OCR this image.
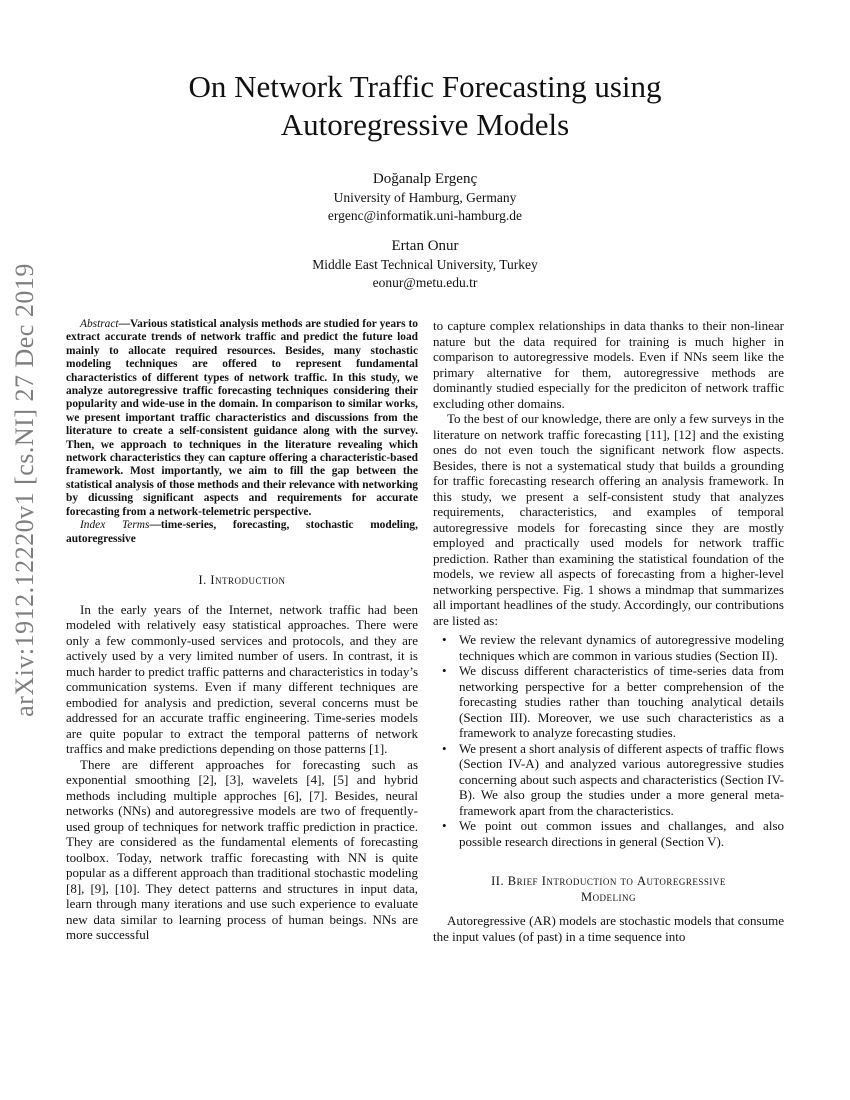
arXiv:1912.12220v1 [cs.NI] 27 Dec 2019
On Network Traffic Forecasting using Autoregressive Models
Doğanalp Ergenç
University of Hamburg, Germany
ergenc@informatik.uni-hamburg.de
Ertan Onur
Middle East Technical University, Turkey
eonur@metu.edu.tr

Abstract—Various statistical analysis methods are studied for years to extract accurate trends of network traffic and predict the future load mainly to allocate required resources. Besides, many stochastic modeling techniques are offered to represent fundamental characteristics of different types of network traffic. In this study, we analyze autoregressive traffic forecasting techniques considering their popularity and wide-use in the domain. In comparison to similar works, we present important traffic characteristics and discussions from the literature to create a self-consistent guidance along with the survey. Then, we approach to techniques in the literature revealing which network characteristics they can capture offering a characteristic-based framework. Most importantly, we aim to fill the gap between the statistical analysis of those methods and their relevance with networking by dicussing significant aspects and requirements for accurate forecasting from a network-telemetric perspective.

Index Terms—time-series, forecasting, stochastic modeling, autoregressive

I. Introduction

In the early years of the Internet, network traffic had been modeled with relatively easy statistical approaches. There were only a few commonly-used services and protocols, and they are actively used by a very limited number of users. In contrast, it is much harder to predict traffic patterns and characteristics in today’s communication systems. Even if many different techniques are embodied for analysis and prediction, several concerns must be addressed for an accurate traffic engineering. Time-series models are quite popular to extract the temporal patterns of network traffics and make predictions depending on those patterns [1].

There are different approaches for forecasting such as exponential smoothing [2], [3], wavelets [4], [5] and hybrid methods including multiple approches [6], [7]. Besides, neural networks (NNs) and autoregressive models are two of frequently-used group of techniques for network traffic prediction in practice. They are considered as the fundamental elements of forecasting toolbox. Today, network traffic forecasting with NN is quite popular as a different approach than traditional stochastic modeling [8], [9], [10]. They detect patterns and structures in input data, learn through many iterations and use such experience to evaluate new data similar to learning process of human beings. NNs are more successful

to capture complex relationships in data thanks to their non-linear nature but the data required for training is much higher in comparison to autoregressive models. Even if NNs seem like the primary alternative for them, autoregressive methods are dominantly studied especially for the prediciton of network traffic excluding other domains.

To the best of our knowledge, there are only a few surveys in the literature on network traffic forecasting [11], [12] and the existing ones do not even touch the significant network flow aspects. Besides, there is not a systematical study that builds a grounding for traffic forecasting research offering an analysis framework. In this study, we present a self-consistent study that analyzes requirements, characteristics, and examples of temporal autoregressive models for forecasting since they are mostly employed and practically used models for network traffic prediction. Rather than examining the statistical foundation of the models, we review all aspects of forecasting from a higher-level networking perspective. Fig. 1 shows a mindmap that summarizes all important headlines of the study. Accordingly, our contributions are listed as:

• We review the relevant dynamics of autoregressive modeling techniques which are common in various studies (Section II).
• We discuss different characteristics of time-series data from networking perspective for a better comprehension of the forecasting studies rather than touching analytical details (Section III). Moreover, we use such characteristics as a framework to analyze forecasting studies.
• We present a short analysis of different aspects of traffic flows (Section IV-A) and analyzed various autoregressive studies concerning about such aspects and characteristics (Section IV-B). We also group the studies under a more general meta-framework apart from the characteristics.
• We point out common issues and challanges, and also possible research directions in general (Section V).
II. Brief Introduction to Autoregressive
Modeling

Autoregressive (AR) models are stochastic models that consume the input values (of past) in a time sequence into
